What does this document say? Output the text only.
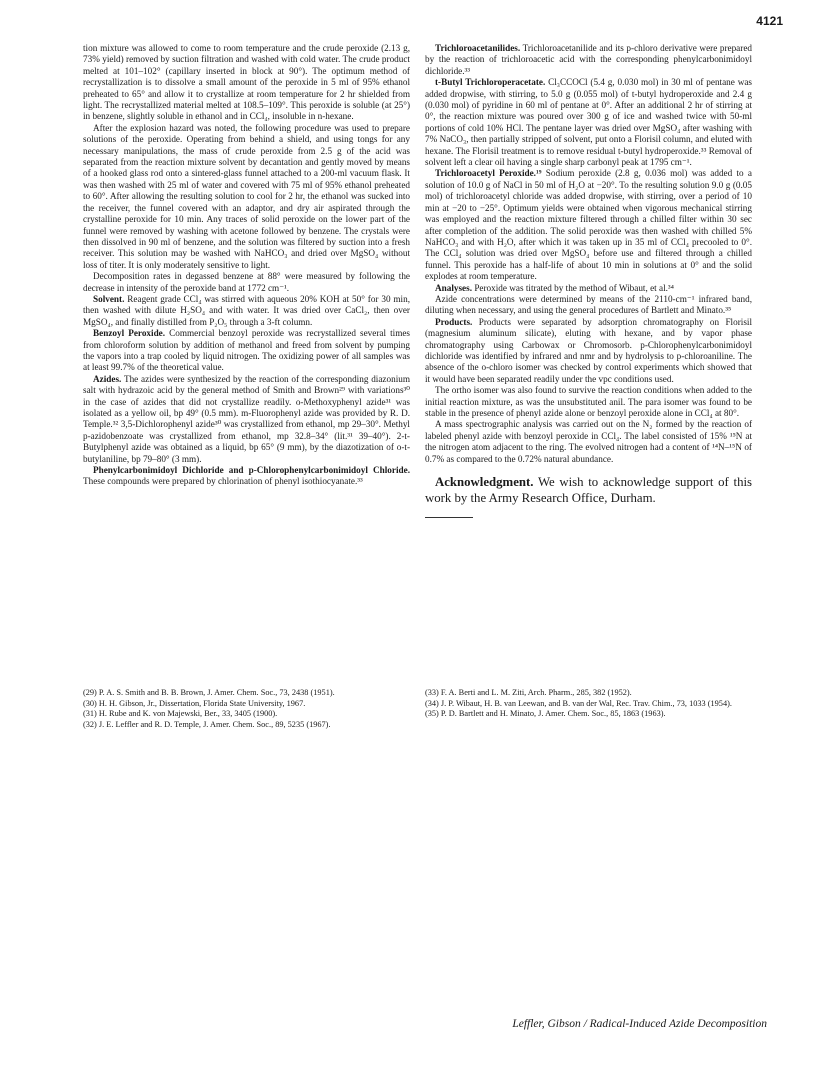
4121

tion mixture was allowed to come to room temperature and the crude peroxide (2.13 g, 73% yield) removed by suction filtration and washed with cold water. The crude product melted at 101–102° (capillary inserted in block at 90°). The optimum method of recrystallization is to dissolve a small amount of the peroxide in 5 ml of 95% ethanol preheated to 65° and allow it to crystallize at room temperature for 2 hr shielded from light. The recrystallized material melted at 108.5–109°. This peroxide is soluble (at 25°) in benzene, slightly soluble in ethanol and in CCl₄, insoluble in n-hexane.

After the explosion hazard was noted, the following procedure was used to prepare solutions of the peroxide. Operating from behind a shield, and using tongs for any necessary manipulations, the mass of crude peroxide from 2.5 g of the acid was separated from the reaction mixture solvent by decantation and gently moved by means of a hooked glass rod onto a sintered-glass funnel attached to a 200-ml vacuum flask. It was then washed with 25 ml of water and covered with 75 ml of 95% ethanol preheated to 60°. After allowing the resulting solution to cool for 2 hr, the ethanol was sucked into the receiver, the funnel covered with an adaptor, and dry air aspirated through the crystalline peroxide for 10 min. Any traces of solid peroxide on the lower part of the funnel were removed by washing with acetone followed by benzene. The crystals were then dissolved in 90 ml of benzene, and the solution was filtered by suction into a fresh receiver. This solution may be washed with NaHCO₃ and dried over MgSO₄ without loss of titer. It is only moderately sensitive to light.

Decomposition rates in degassed benzene at 88° were measured by following the decrease in intensity of the peroxide band at 1772 cm⁻¹.

Solvent. Reagent grade CCl₄ was stirred with aqueous 20% KOH at 50° for 30 min, then washed with dilute H₂SO₄ and with water. It was dried over CaCl₂, then over MgSO₄, and finally distilled from P₂O₅ through a 3-ft column.

Benzoyl Peroxide. Commercial benzoyl peroxide was recrystallized several times from chloroform solution by addition of methanol and freed from solvent by pumping the vapors into a trap cooled by liquid nitrogen. The oxidizing power of all samples was at least 99.7% of the theoretical value.

Azides. The azides were synthesized by the reaction of the corresponding diazonium salt with hydrazoic acid by the general method of Smith and Brown²⁹ with variations³⁰ in the case of azides that did not crystallize readily. o-Methoxyphenyl azide³¹ was isolated as a yellow oil, bp 49° (0.5 mm). m-Fluorophenyl azide was provided by R. D. Temple.³² 3,5-Dichlorophenyl azide³⁰ was crystallized from ethanol, mp 29–30°. Methyl p-azidobenzoate was crystallized from ethanol, mp 32.8–34° (lit.³¹ 39–40°). 2-t-Butylphenyl azide was obtained as a liquid, bp 65° (9 mm), by the diazotization of o-t-butylaniline, bp 79–80° (3 mm).

Phenylcarbonimidoyl Dichloride and p-Chlorophenylcarbonimidoyl Chloride. These compounds were prepared by chlorination of phenyl isothiocyanate.³³

Trichloroacetanilides. Trichloroacetanilide and its p-chloro derivative were prepared by the reaction of trichloroacetic acid with the corresponding phenylcarbonimidoyl dichloride.³³

t-Butyl Trichloroperacetate. Cl₃CCOCl (5.4 g, 0.030 mol) in 30 ml of pentane was added dropwise, with stirring, to 5.0 g (0.055 mol) of t-butyl hydroperoxide and 2.4 g (0.030 mol) of pyridine in 60 ml of pentane at 0°. After an additional 2 hr of stirring at 0°, the reaction mixture was poured over 300 g of ice and washed twice with 50-ml portions of cold 10% HCl. The pentane layer was dried over MgSO₄ after washing with 7% NaCO₃, then partially stripped of solvent, put onto a Florisil column, and eluted with hexane. The Florisil treatment is to remove residual t-butyl hydroperoxide.³³ Removal of solvent left a clear oil having a single sharp carbonyl peak at 1795 cm⁻¹.

Trichloroacetyl Peroxide.¹⁹ Sodium peroxide (2.8 g, 0.036 mol) was added to a solution of 10.0 g of NaCl in 50 ml of H₂O at −20°. To the resulting solution 9.0 g (0.05 mol) of trichloroacetyl chloride was added dropwise, with stirring, over a period of 10 min at −20 to −25°. Optimum yields were obtained when vigorous mechanical stirring was employed and the reaction mixture filtered through a chilled filter within 30 sec after completion of the addition. The solid peroxide was then washed with chilled 5% NaHCO₃ and with H₂O, after which it was taken up in 35 ml of CCl₄ precooled to 0°. The CCl₄ solution was dried over MgSO₄ before use and filtered through a chilled funnel. This peroxide has a half-life of about 10 min in solutions at 0° and the solid explodes at room temperature.

Analyses. Peroxide was titrated by the method of Wibaut, et al.³⁴

Azide concentrations were determined by means of the 2110-cm⁻¹ infrared band, diluting when necessary, and using the general procedures of Bartlett and Minato.³⁵

Products. Products were separated by adsorption chromatography on Florisil (magnesium aluminum silicate), eluting with hexane, and by vapor phase chromatography using Carbowax or Chromosorb. p-Chlorophenylcarbonimidoyl dichloride was identified by infrared and nmr and by hydrolysis to p-chloroaniline. The absence of the o-chloro isomer was checked by control experiments which showed that it would have been separated readily under the vpc conditions used.

The ortho isomer was also found to survive the reaction conditions when added to the initial reaction mixture, as was the unsubstituted anil. The para isomer was found to be stable in the presence of phenyl azide alone or benzoyl peroxide alone in CCl₄ at 80°.

A mass spectrographic analysis was carried out on the N₂ formed by the reaction of labeled phenyl azide with benzoyl peroxide in CCl₄. The label consisted of 15% ¹⁵N at the nitrogen atom adjacent to the ring. The evolved nitrogen had a content of ¹⁴N–¹⁵N of 0.7% as compared to the 0.72% natural abundance.

Acknowledgment. We wish to acknowledge support of this work by the Army Research Office, Durham.

(29) P. A. S. Smith and B. B. Brown, J. Amer. Chem. Soc., 73, 2438 (1951).

(30) H. H. Gibson, Jr., Dissertation, Florida State University, 1967.

(31) H. Rube and K. von Majewski, Ber., 33, 3405 (1900).

(32) J. E. Leffler and R. D. Temple, J. Amer. Chem. Soc., 89, 5235 (1967).

(33) F. A. Berti and L. M. Ziti, Arch. Pharm., 285, 382 (1952).

(34) J. P. Wibaut, H. B. van Leewan, and B. van der Wal, Rec. Trav. Chim., 73, 1033 (1954).

(35) P. D. Bartlett and H. Minato, J. Amer. Chem. Soc., 85, 1863 (1963).

Leffler, Gibson / Radical-Induced Azide Decomposition
